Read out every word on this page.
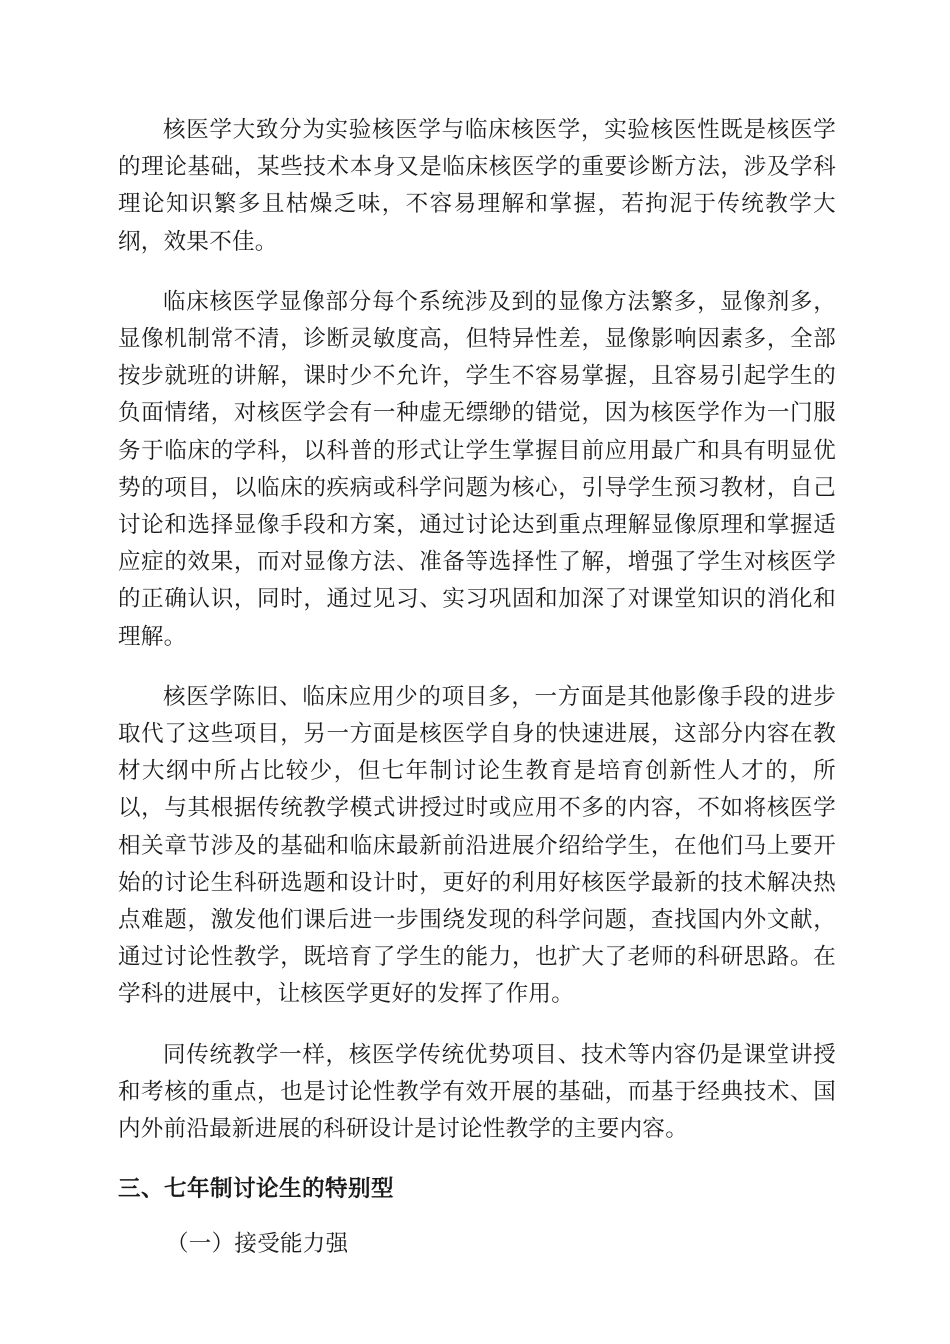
核医学大致分为实验核医学与临床核医学，实验核医性既是核医学的理论基础，某些技术本身又是临床核医学的重要诊断方法，涉及学科理论知识繁多且枯燥乏味，不容易理解和掌握，若拘泥于传统教学大纲，效果不佳。

临床核医学显像部分每个系统涉及到的显像方法繁多，显像剂多，显像机制常不清，诊断灵敏度高，但特异性差，显像影响因素多，全部按步就班的讲解，课时少不允许，学生不容易掌握，且容易引起学生的负面情绪，对核医学会有一种虚无缥缈的错觉，因为核医学作为一门服务于临床的学科，以科普的形式让学生掌握目前应用最广和具有明显优势的项目，以临床的疾病或科学问题为核心，引导学生预习教材，自己讨论和选择显像手段和方案，通过讨论达到重点理解显像原理和掌握适应症的效果，而对显像方法、准备等选择性了解，增强了学生对核医学的正确认识，同时，通过见习、实习巩固和加深了对课堂知识的消化和理解。

核医学陈旧、临床应用少的项目多，一方面是其他影像手段的进步取代了这些项目，另一方面是核医学自身的快速进展，这部分内容在教材大纲中所占比较少，但七年制讨论生教育是培育创新性人才的，所以，与其根据传统教学模式讲授过时或应用不多的内容，不如将核医学相关章节涉及的基础和临床最新前沿进展介绍给学生，在他们马上要开始的讨论生科研选题和设计时，更好的利用好核医学最新的技术解决热点难题，激发他们课后进一步围绕发现的科学问题，查找国内外文献，通过讨论性教学，既培育了学生的能力，也扩大了老师的科研思路。在学科的进展中，让核医学更好的发挥了作用。

同传统教学一样，核医学传统优势项目、技术等内容仍是课堂讲授和考核的重点，也是讨论性教学有效开展的基础，而基于经典技术、国内外前沿最新进展的科研设计是讨论性教学的主要内容。

三、七年制讨论生的特别型
（一）接受能力强
